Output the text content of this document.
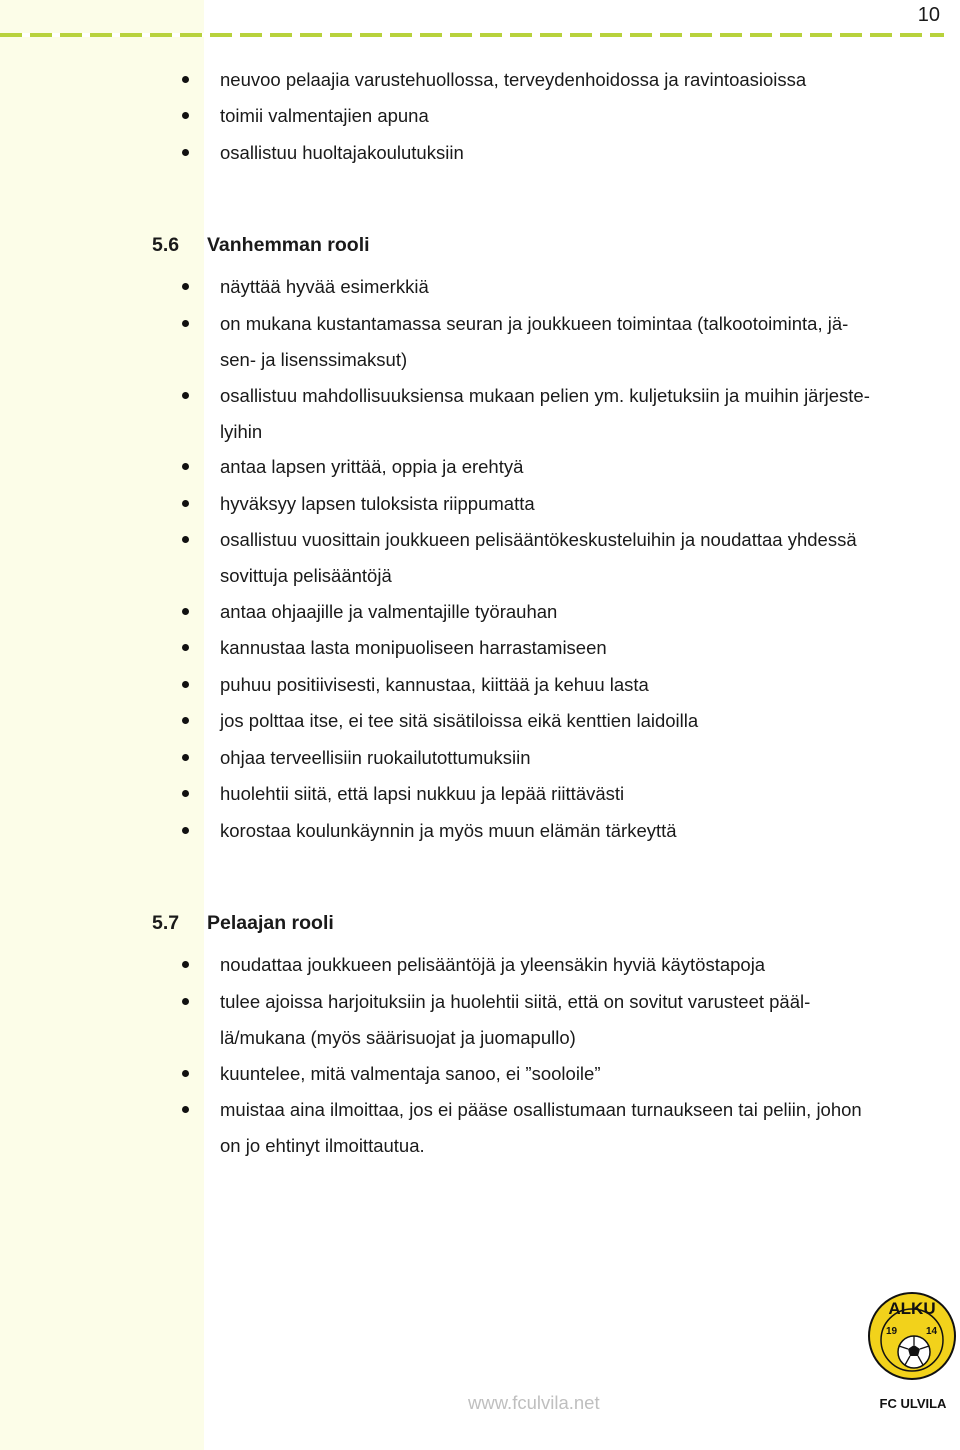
10
neuvoo pelaajia varustehuollossa, terveydenhoidossa ja ravintoasioissa
toimii valmentajien apuna
osallistuu huoltajakoulutuksiin
5.6 Vanhemman rooli
näyttää hyvää esimerkkiä
on mukana kustantamassa seuran ja joukkueen toimintaa (talkootoiminta, jä-
sen- ja lisenssimaksut)
osallistuu mahdollisuuksiensa mukaan pelien ym. kuljetuksiin ja muihin järjeste-
lyihin
antaa lapsen yrittää, oppia ja erehtyä
hyväksyy lapsen tuloksista riippumatta
osallistuu vuosittain joukkueen pelisääntökeskusteluihin ja noudattaa yhdessä
sovittuja pelisääntöjä
antaa ohjaajille ja valmentajille työrauhan
kannustaa lasta monipuoliseen harrastamiseen
puhuu positiivisesti, kannustaa, kiittää ja kehuu lasta
jos polttaa itse, ei tee sitä sisätiloissa eikä kenttien laidoilla
ohjaa terveellisiin ruokailutottumuksiin
huolehtii siitä, että lapsi nukkuu ja lepää riittävästi
korostaa koulunkäynnin ja myös muun elämän tärkeyttä
5.7 Pelaajan rooli
noudattaa joukkueen pelisääntöjä ja yleensäkin hyviä käytöstapoja
tulee ajoissa harjoituksiin ja huolehtii siitä, että on sovitut varusteet pääl-
lä/mukana (myös säärisuojat ja juomapullo)
kuuntelee, mitä valmentaja sanoo, ei ”sooloile”
muistaa aina ilmoittaa, jos ei pääse osallistumaan turnaukseen tai peliin, johon
on jo ehtinyt ilmoittautua.
www.fculvila.net
ALKU
19	14
FC ULVILA
